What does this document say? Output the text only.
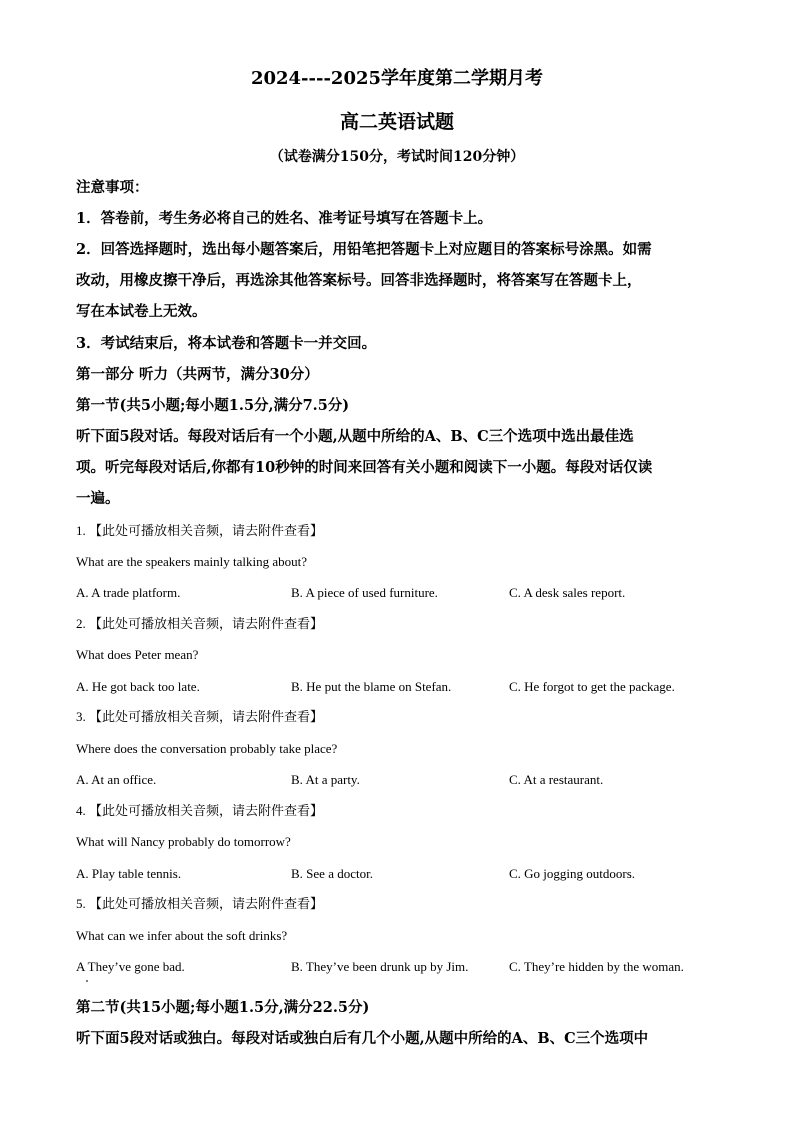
2024----2025学年度第二学期月考
高二英语试题
（试卷满分150分，考试时间120分钟）
注意事项：
1．答卷前，考生务必将自己的姓名、准考证号填写在答题卡上。
2．回答选择题时，选出每小题答案后，用铅笔把答题卡上对应题目的答案标号涂黑。如需
改动，用橡皮擦干净后，再选涂其他答案标号。回答非选择题时，将答案写在答题卡上，
写在本试卷上无效。
3．考试结束后，将本试卷和答题卡一并交回。
第一部分 听力（共两节，满分30分）
第一节(共5小题;每小题1.5分,满分7.5分)
听下面5段对话。每段对话后有一个小题,从题中所给的A、B、C三个选项中选出最佳选
项。听完每段对话后,你都有10秒钟的时间来回答有关小题和阅读下一小题。每段对话仅读
一遍。
1. 【此处可播放相关音频，请去附件查看】
What are the speakers mainly talking about?
A. A trade platform.	B. A piece of used furniture.	C. A desk sales report.
2. 【此处可播放相关音频，请去附件查看】
What does Peter mean?
A. He got back too late.	B. He put the blame on Stefan.	C. He forgot to get the package.
3. 【此处可播放相关音频，请去附件查看】
Where does the conversation probably take place?
A. At an office.	B. At a party.	C. At a restaurant.
4. 【此处可播放相关音频，请去附件查看】
What will Nancy probably do tomorrow?
A. Play table tennis.	B. See a doctor.	C. Go jogging outdoors.
5. 【此处可播放相关音频，请去附件查看】
What can we infer about the soft drinks?
A They’ve gone bad.	B. They’ve been drunk up by Jim.	C. They’re hidden by the woman.
第二节(共15小题;每小题1.5分,满分22.5分)
听下面5段对话或独白。每段对话或独白后有几个小题,从题中所给的A、B、C三个选项中
